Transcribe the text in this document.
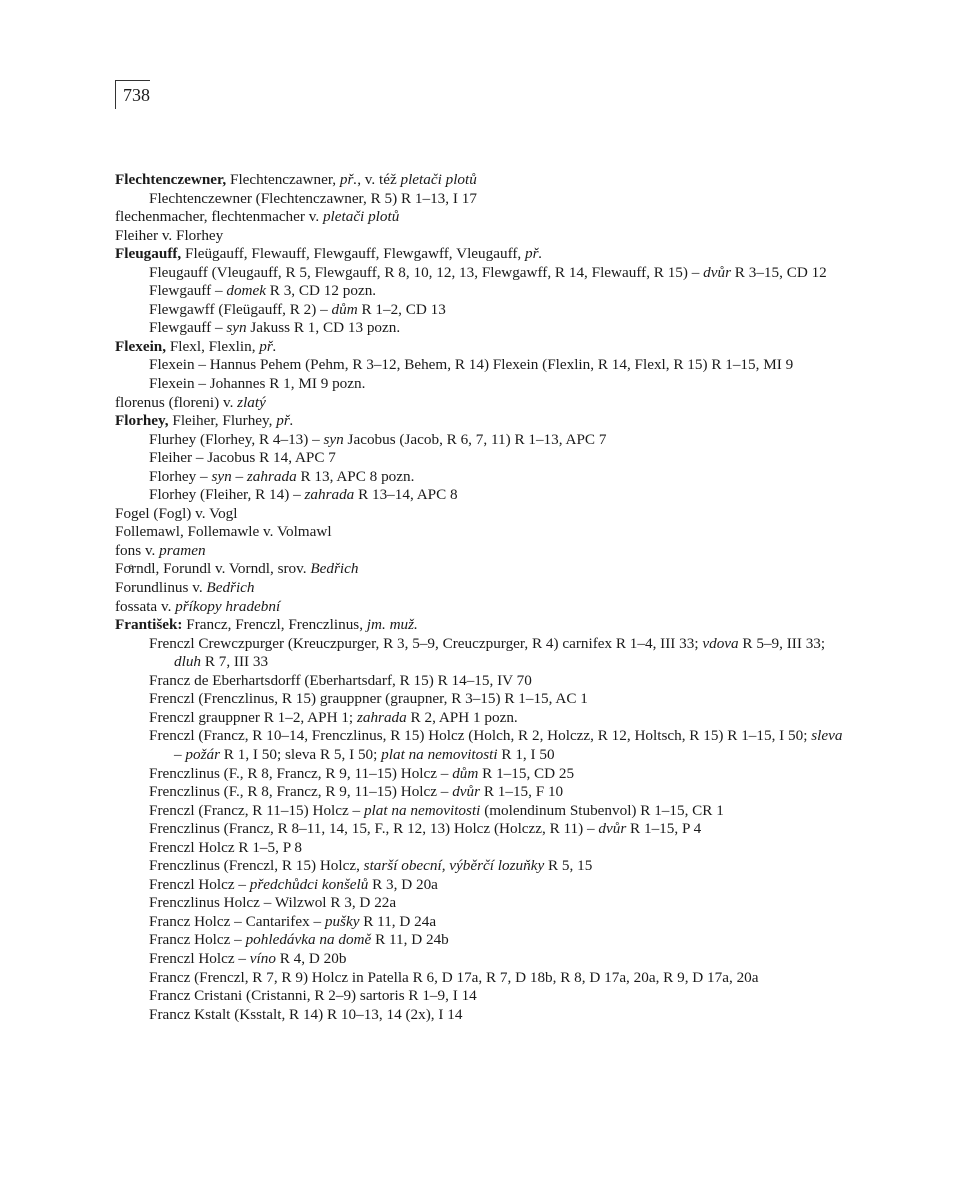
738

Flechtenczewner, Flechtenczawner, př., v. též pletači plotů

Flechtenczewner (Flechtenczawner, R 5) R 1–13, I 17

flechenmacher, flechtenmacher v. pletači plotů

Fleiher v. Florhey

Fleugauff, Fleügauff, Flewauff, Flewgauff, Flewgawff, Vleugauff, př.

Fleugauff (Vleugauff, R 5, Flewgauff, R 8, 10, 12, 13, Flewgawff, R 14, Flewauff, R 15) – dvůr R 3–15, CD 12

Flewgauff – domek R 3, CD 12 pozn.

Flewgawff (Fleügauff, R 2) – dům R 1–2, CD 13

Flewgauff – syn Jakuss R 1, CD 13 pozn.

Flexein, Flexl, Flexlin, př.

Flexein – Hannus Pehem (Pehm, R 3–12, Behem, R 14) Flexein (Flexlin, R 14, Flexl, R 15) R 1–15, MI 9

Flexein – Johannes R 1, MI 9 pozn.

florenus (floreni) v. zlatý

Florhey, Fleiher, Flurhey, př.

Flurhey (Florhey, R 4–13) – syn Jacobus (Jacob, R 6, 7, 11) R 1–13, APC 7

Fleiher – Jacobus R 14, APC 7

Florhey – syn – zahrada R 13, APC 8 pozn.

Florhey (Fleiher, R 14) – zahrada R 13–14, APC 8

Fogel (Fogl) v. Vogl

Follemawl, Follemawle v. Volmawl

fons v. pramen

Foͤrndl, Forundl v. Vorndl, srov. Bedřich

Forundlinus v. Bedřich

fossata v. příkopy hradební

František: Francz, Frenczl, Frenczlinus, jm. muž.

Frenczl Crewczpurger (Kreuczpurger, R 3, 5–9, Creuczpurger, R 4) carnifex R 1–4, III 33; vdova R 5–9, III 33; dluh R 7, III 33

Francz de Eberhartsdorff (Eberhartsdarf, R 15) R 14–15, IV 70

Frenczl (Frenczlinus, R 15) grauppner (graupner, R 3–15) R 1–15, AC 1

Frenczl grauppner R 1–2, APH 1; zahrada R 2, APH 1 pozn.

Frenczl (Francz, R 10–14, Frenczlinus, R 15) Holcz (Holch, R 2, Holczz, R 12, Holtsch, R 15) R 1–15, I 50; sleva – požár R 1, I 50; sleva R 5, I 50; plat na nemovitosti R 1, I 50

Frenczlinus (F., R 8, Francz, R 9, 11–15) Holcz – dům R 1–15, CD 25

Frenczlinus (F., R 8, Francz, R 9, 11–15) Holcz – dvůr R 1–15, F 10

Frenczl (Francz, R 11–15) Holcz – plat na nemovitosti (molendinum Stubenvol) R 1–15, CR 1

Frenczlinus (Francz, R 8–11, 14, 15, F., R 12, 13) Holcz (Holczz, R 11) – dvůr R 1–15, P 4

Frenczl Holcz R 1–5, P 8

Frenczlinus (Frenczl, R 15) Holcz, starší obecní, výběrčí lozuňky R 5, 15

Frenczl Holcz – předchůdci konšelů R 3, D 20a

Frenczlinus Holcz – Wilzwol R 3, D 22a

Francz Holcz – Cantarifex – pušky R 11, D 24a

Francz Holcz – pohledávka na domě R 11, D 24b

Frenczl Holcz – víno R 4, D 20b

Francz (Frenczl, R 7, R 9) Holcz in Patella R 6, D 17a, R 7, D 18b, R 8, D 17a, 20a, R 9, D 17a, 20a

Francz Cristani (Cristanni, R 2–9) sartoris R 1–9, I 14

Francz Kstalt (Ksstalt, R 14) R 10–13, 14 (2x), I 14
